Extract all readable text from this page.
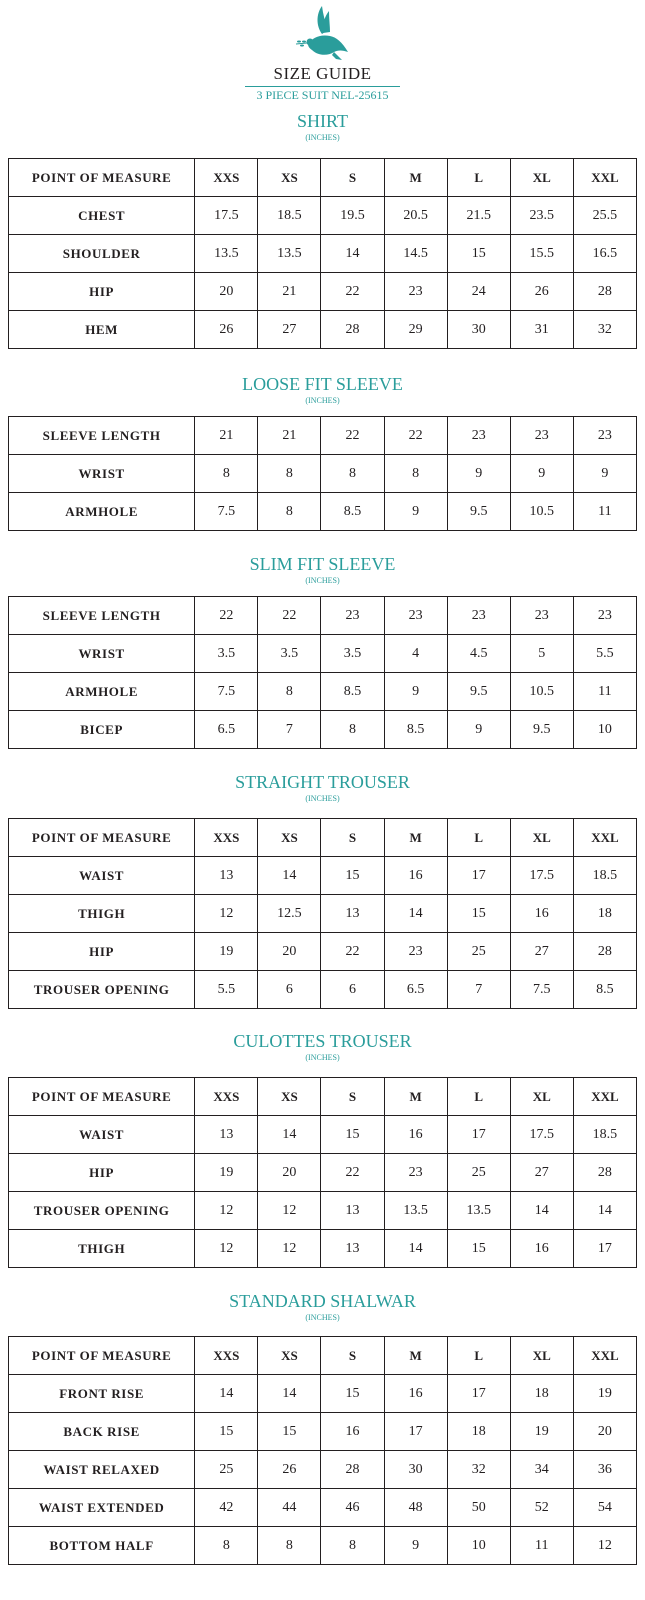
SIZE GUIDE
3 PIECE SUIT NEL-25615
SHIRT
(INCHES)
POINT OF MEASURE	XXS	XS	S	M	L	XL	XXL
CHEST	17.5	18.5	19.5	20.5	21.5	23.5	25.5
SHOULDER	13.5	13.5	14	14.5	15	15.5	16.5
HIP	20	21	22	23	24	26	28
HEM	26	27	28	29	30	31	32
LOOSE FIT SLEEVE
(INCHES)
SLEEVE LENGTH	21	21	22	22	23	23	23
WRIST	8	8	8	8	9	9	9
ARMHOLE	7.5	8	8.5	9	9.5	10.5	11
SLIM FIT SLEEVE
(INCHES)
SLEEVE LENGTH	22	22	23	23	23	23	23
WRIST	3.5	3.5	3.5	4	4.5	5	5.5
ARMHOLE	7.5	8	8.5	9	9.5	10.5	11
BICEP	6.5	7	8	8.5	9	9.5	10
STRAIGHT TROUSER
(INCHES)
POINT OF MEASURE	XXS	XS	S	M	L	XL	XXL
WAIST	13	14	15	16	17	17.5	18.5
THIGH	12	12.5	13	14	15	16	18
HIP	19	20	22	23	25	27	28
TROUSER OPENING	5.5	6	6	6.5	7	7.5	8.5
CULOTTES TROUSER
(INCHES)
POINT OF MEASURE	XXS	XS	S	M	L	XL	XXL
WAIST	13	14	15	16	17	17.5	18.5
HIP	19	20	22	23	25	27	28
TROUSER OPENING	12	12	13	13.5	13.5	14	14
THIGH	12	12	13	14	15	16	17
STANDARD SHALWAR
(INCHES)
POINT OF MEASURE	XXS	XS	S	M	L	XL	XXL
FRONT RISE	14	14	15	16	17	18	19
BACK RISE	15	15	16	17	18	19	20
WAIST RELAXED	25	26	28	30	32	34	36
WAIST EXTENDED	42	44	46	48	50	52	54
BOTTOM HALF	8	8	8	9	10	11	12
